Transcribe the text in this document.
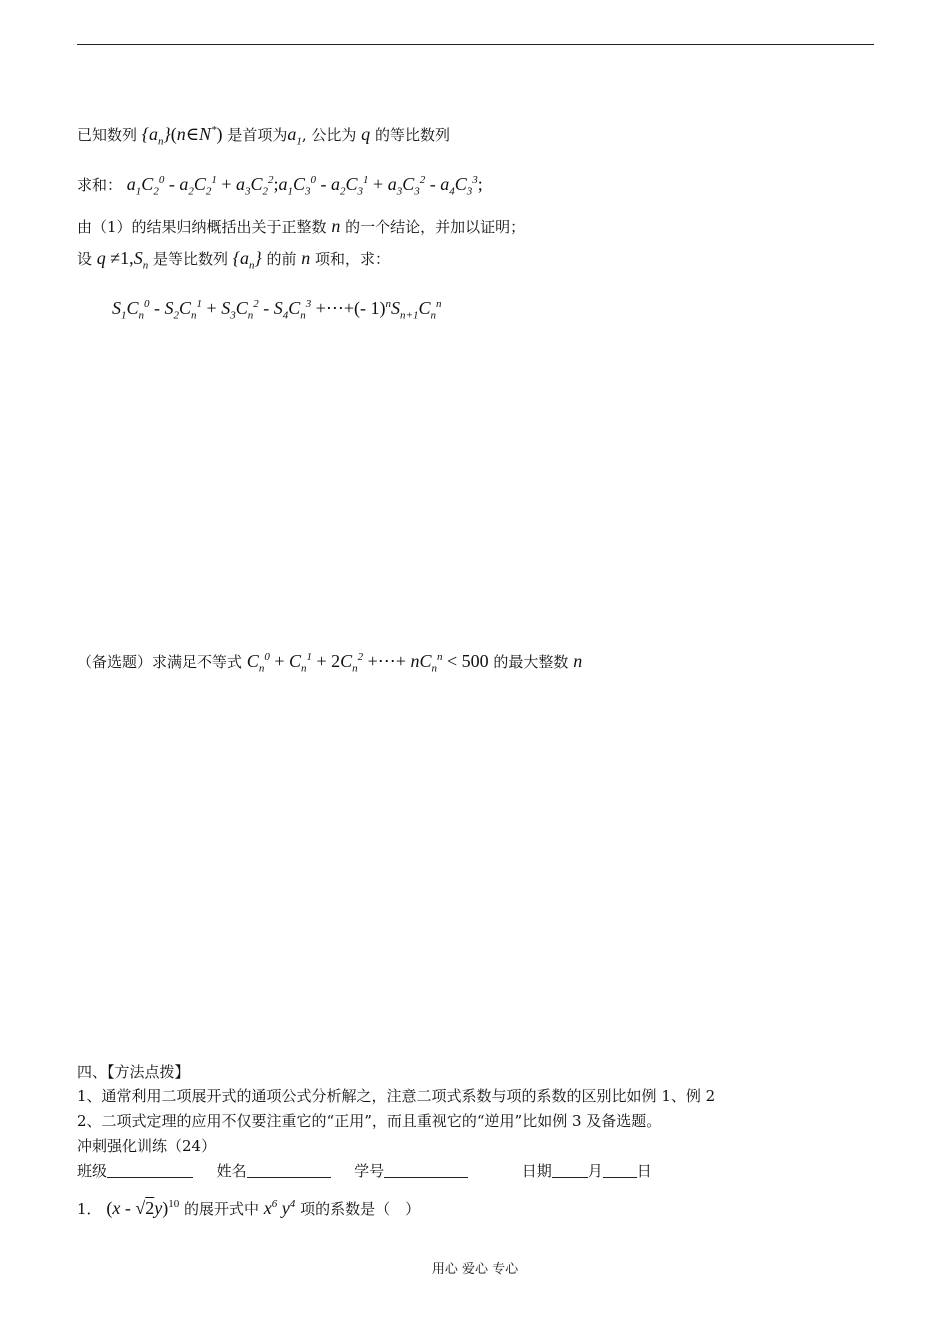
已知数列 $\{a_n\}(n\in N^*)$ 是首项为$a_1$, 公比为 q 的等比数列
求和： $a_1C_2^0 - a_2C_2^1$ + $a_3C_2^2;a_1C_3^0 - a_2C_3^1 + a_3C_3^2 - a_4C_3^3$;
由（1）的结果归纳概括出关于正整数 n 的一个结论，并加以证明；
设 $q \ne 1,S_n$ 是等比数列 $\{a_n\}$ 的前 n 项和，求：
$S_1C_n^0 - S_2C_n^1 + S_3C_n^2 - S_4C_n^3$ +⋯+(- $1)^nS_{n+1}C_n^n$
（备选题）求满足不等式 $C_n^0 + C_n^1 + 2C_n^2$ +⋯+ $nC_n^n < 500$ 的最大整数 n
四、【方法点拨】
1、通常利用二项展开式的通项公式分析解之，注意二项式系数与项的系数的区别比如例 1、例 2
2、二项式定理的应用不仅要注重它的“正用”，而且重视它的“逆用”比如例 3 及备选题。
冲刺强化训练（24）
班级	姓名	学号	日期 月 日
1． (x - √2y)$^{10}$ 的展开式中 $x^6$ $y^4$ 项的系数是（　）
用心 爱心 专心
